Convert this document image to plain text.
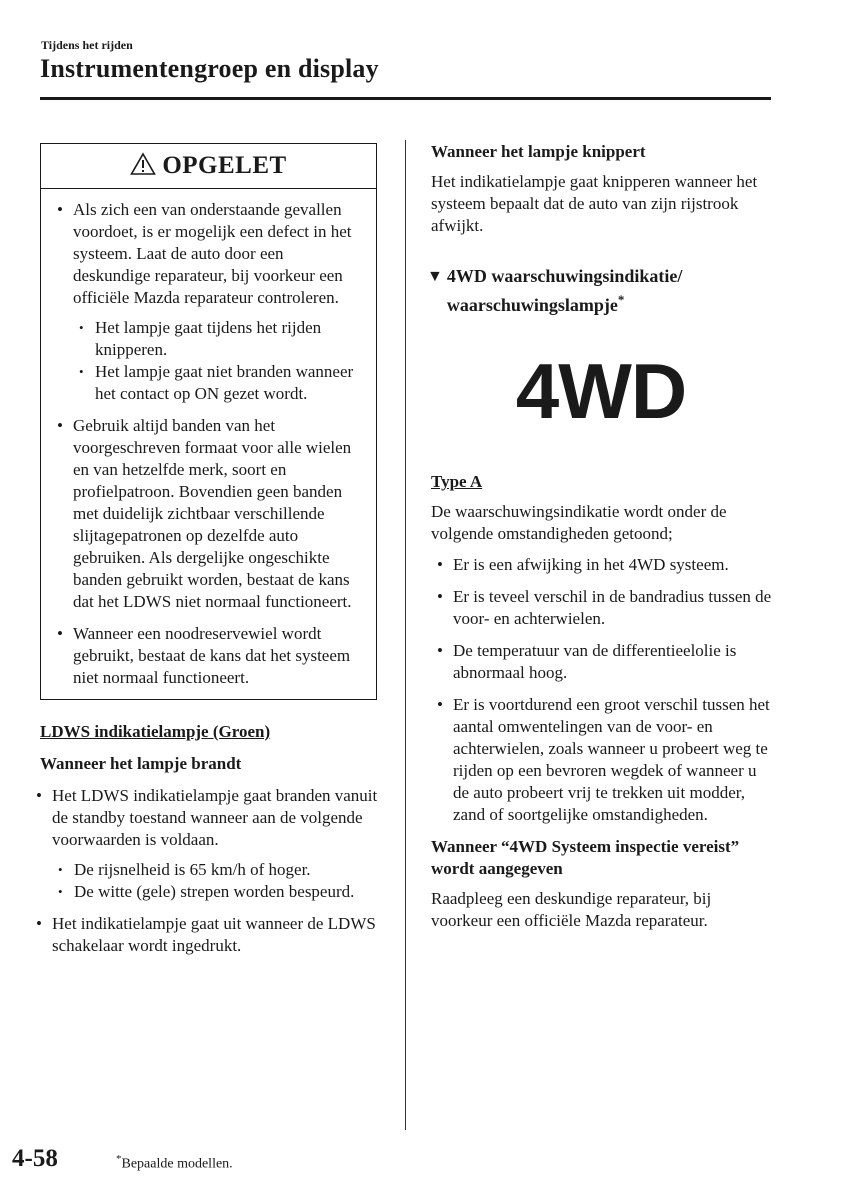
Tijdens het rijden
Instrumentengroep en display
OPGELET
• Als zich een van onderstaande gevallen voordoet, is er mogelijk een defect in het systeem. Laat de auto door een deskundige reparateur, bij voorkeur een officiële Mazda reparateur controleren.
• Het lampje gaat tijdens het rijden knipperen.
• Het lampje gaat niet branden wanneer het contact op ON gezet wordt.
• Gebruik altijd banden van het voorgeschreven formaat voor alle wielen en van hetzelfde merk, soort en profielpatroon. Bovendien geen banden met duidelijk zichtbaar verschillende slijtagepatronen op dezelfde auto gebruiken. Als dergelijke ongeschikte banden gebruikt worden, bestaat de kans dat het LDWS niet normaal functioneert.
• Wanneer een noodreservewiel wordt gebruikt, bestaat de kans dat het systeem niet normaal functioneert.

LDWS indikatielampje (Groen)

Wanneer het lampje brandt

• Het LDWS indikatielampje gaat branden vanuit de standby toestand wanneer aan de volgende voorwaarden is voldaan.
• De rijsnelheid is 65 km/h of hoger.
• De witte (gele) strepen worden bespeurd.
• Het indikatielampje gaat uit wanneer de LDWS schakelaar wordt ingedrukt.

Wanneer het lampje knippert

Het indikatielampje gaat knipperen wanneer het systeem bepaalt dat de auto van zijn rijstrook afwijkt.

▼ 4WD waarschuwingsindikatie/
waarschuwingslampje*
4WD

Type A

De waarschuwingsindikatie wordt onder de volgende omstandigheden getoond;

• Er is een afwijking in het 4WD systeem.
• Er is teveel verschil in de bandradius tussen de voor- en achterwielen.
• De temperatuur van de differentieelolie is abnormaal hoog.
• Er is voortdurend een groot verschil tussen het aantal omwentelingen van de voor- en achterwielen, zoals wanneer u probeert weg te rijden op een bevroren wegdek of wanneer u de auto probeert vrij te trekken uit modder, zand of soortgelijke omstandigheden.

Wanneer “4WD Systeem inspectie vereist” wordt aangegeven

Raadpleeg een deskundige reparateur, bij voorkeur een officiële Mazda reparateur.

4-58	*Bepaalde modellen.
